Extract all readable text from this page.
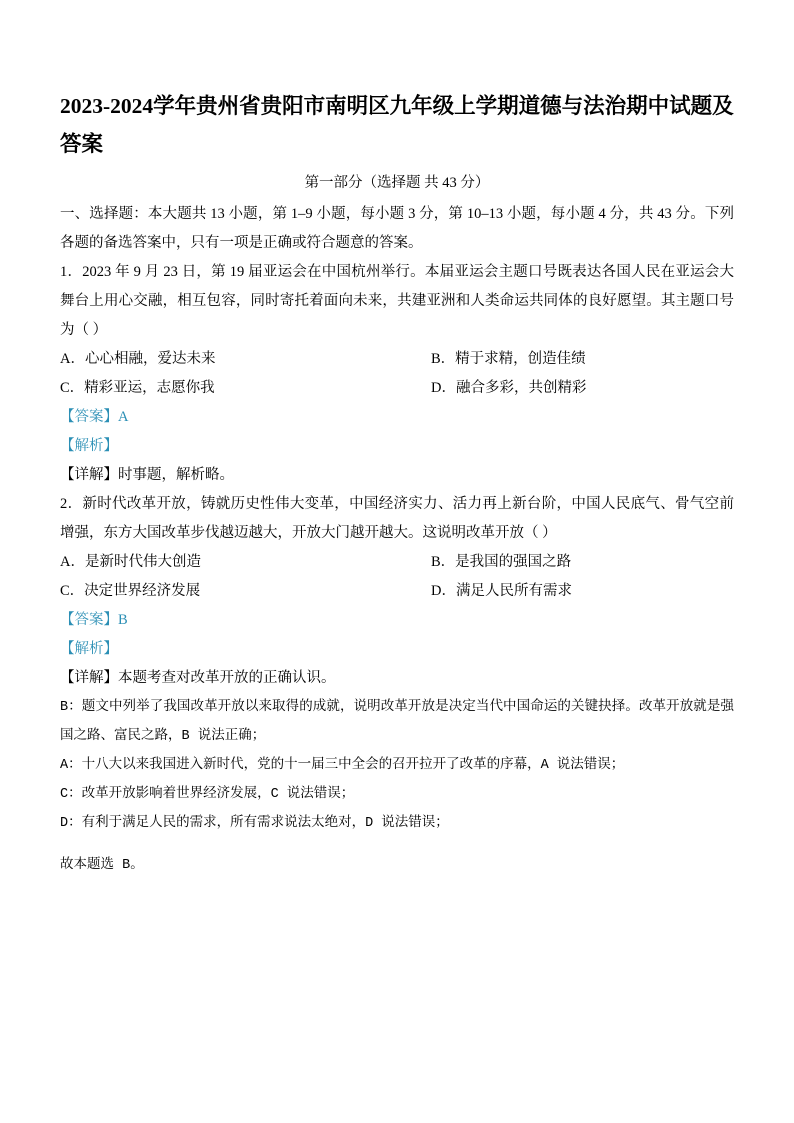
2023-2024学年贵州省贵阳市南明区九年级上学期道德与法治期中试题及答案
第一部分（选择题 共 43 分）

一、选择题：本大题共 13 小题，第 1–9 小题，每小题 3 分，第 10–13 小题，每小题 4 分，共 43 分。下列各题的备选答案中，只有一项是正确或符合题意的答案。

1．2023 年 9 月 23 日，第 19 届亚运会在中国杭州举行。本届亚运会主题口号既表达各国人民在亚运会大舞台上用心交融，相互包容，同时寄托着面向未来，共建亚洲和人类命运共同体的良好愿望。其主题口号为（ ）

A．心心相融，爱达未来	B．精于求精，创造佳绩
C．精彩亚运，志愿你我	D．融合多彩，共创精彩

【答案】A

【解析】

【详解】时事题，解析略。

2．新时代改革开放，铸就历史性伟大变革，中国经济实力、活力再上新台阶，中国人民底气、骨气空前增强，东方大国改革步伐越迈越大，开放大门越开越大。这说明改革开放（ ）

A．是新时代伟大创造	B．是我国的强国之路
C．决定世界经济发展	D．满足人民所有需求

【答案】B

【解析】

【详解】本题考查对改革开放的正确认识。

B：题文中列举了我国改革开放以来取得的成就，说明改革开放是决定当代中国命运的关键抉择。改革开放就是强国之路、富民之路，B 说法正确；

A：十八大以来我国进入新时代，党的十一届三中全会的召开拉开了改革的序幕，A 说法错误；

C：改革开放影响着世界经济发展，C 说法错误；

D：有利于满足人民的需求，所有需求说法太绝对，D 说法错误；

故本题选 B。
